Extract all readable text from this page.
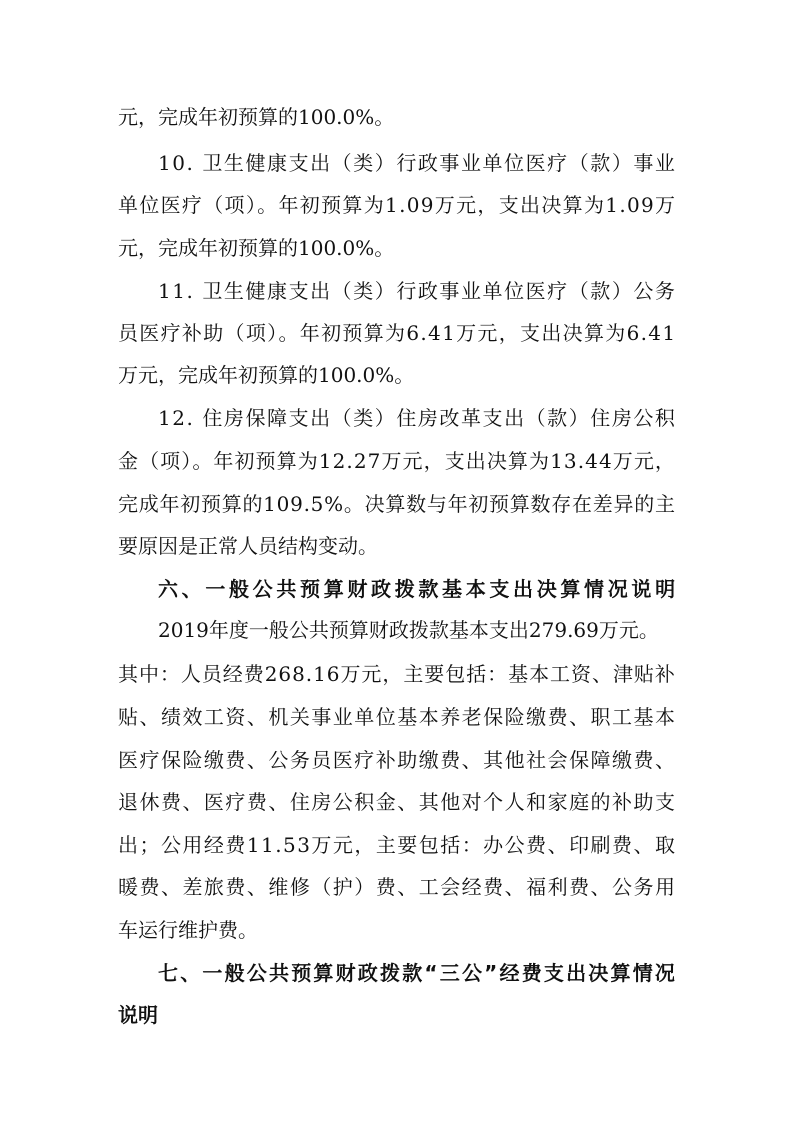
元，完成年初预算的100.0%。
10. 卫生健康支出（类）行政事业单位医疗（款）事业
单位医疗（项）。年初预算为1.09万元，支出决算为1.09万
元，完成年初预算的100.0%。
11. 卫生健康支出（类）行政事业单位医疗（款）公务
员医疗补助（项）。年初预算为6.41万元，支出决算为6.41
万元，完成年初预算的100.0%。
12. 住房保障支出（类）住房改革支出（款）住房公积
金（项）。年初预算为12.27万元，支出决算为13.44万元，
完成年初预算的109.5%。决算数与年初预算数存在差异的主
要原因是正常人员结构变动。
六、一般公共预算财政拨款基本支出决算情况说明
2019年度一般公共预算财政拨款基本支出279.69万元。
其中：人员经费268.16万元，主要包括：基本工资、津贴补
贴、绩效工资、机关事业单位基本养老保险缴费、职工基本
医疗保险缴费、公务员医疗补助缴费、其他社会保障缴费、
退休费、医疗费、住房公积金、其他对个人和家庭的补助支
出；公用经费11.53万元，主要包括：办公费、印刷费、取
暖费、差旅费、维修（护）费、工会经费、福利费、公务用
车运行维护费。
七、一般公共预算财政拨款“三公”经费支出决算情况
说明
